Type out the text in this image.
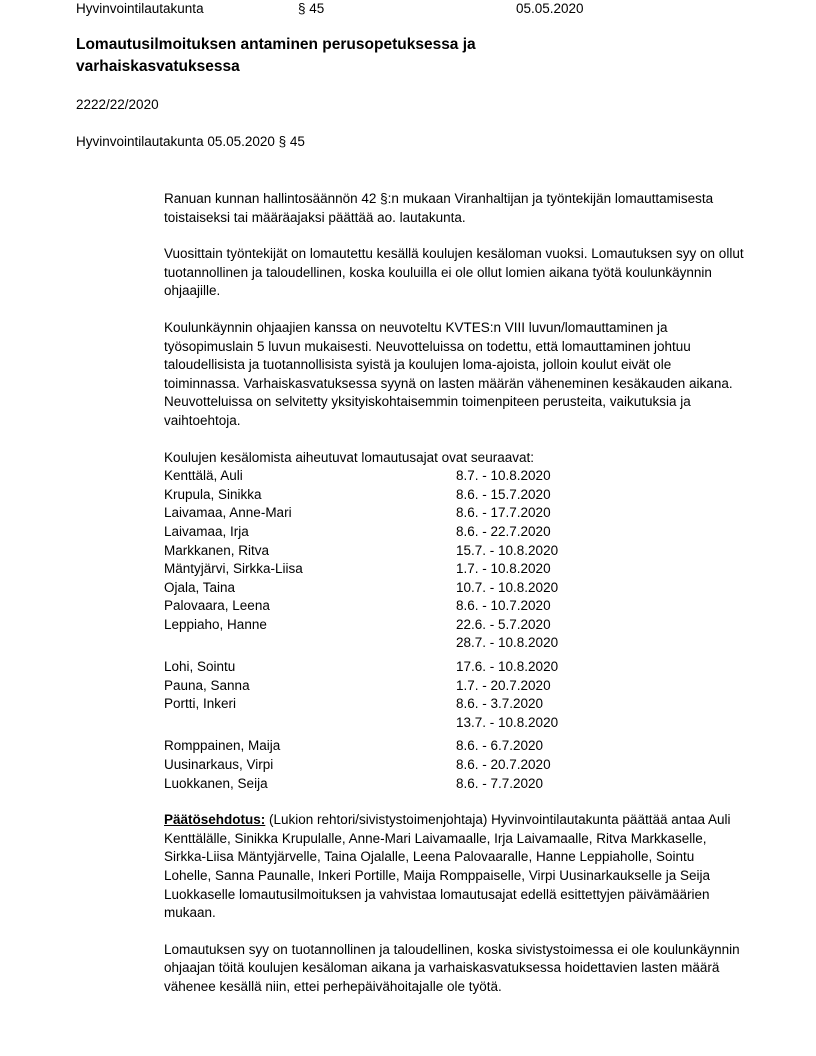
Hyvinvointilautakunta	§ 45	05.05.2020
Lomautusilmoituksen antaminen perusopetuksessa ja varhaiskasvatuksessa
2222/22/2020
Hyvinvointilautakunta 05.05.2020 § 45

Ranuan kunnan hallintosäännön 42 §:n mukaan Viranhaltijan ja työntekijän lomauttamisesta toistaiseksi tai määräajaksi päättää ao. lautakunta.

Vuosittain työntekijät on lomautettu kesällä koulujen kesäloman vuoksi. Lomautuksen syy on ollut tuotannollinen ja taloudellinen, koska kouluilla ei ole ollut lomien aikana työtä koulunkäynnin ohjaajille.

Koulunkäynnin ohjaajien kanssa on neuvoteltu KVTES:n VIII luvun/lomauttaminen ja työsopimuslain 5 luvun mukaisesti. Neuvotteluissa on todettu, että lomauttaminen johtuu taloudellisista ja tuotannollisista syistä ja koulujen loma-ajoista, jolloin koulut eivät ole toiminnassa. Varhaiskasvatuksessa syynä on lasten määrän väheneminen kesäkauden aikana. Neuvotteluissa on selvitetty yksityiskohtaisemmin toimenpiteen perusteita, vaikutuksia ja vaihtoehtoja.

Koulujen kesälomista aiheutuvat lomautusajat ovat seuraavat:

Kenttälä, Auli	8.7. - 10.8.2020
Krupula, Sinikka	8.6. - 15.7.2020
Laivamaa, Anne-Mari	8.6. - 17.7.2020
Laivamaa, Irja	8.6. - 22.7.2020
Markkanen, Ritva	15.7. - 10.8.2020
Mäntyjärvi, Sirkka-Liisa	1.7. - 10.8.2020
Ojala, Taina	10.7. - 10.8.2020
Palovaara, Leena	8.6. - 10.7.2020
Leppiaho, Hanne	22.6. - 5.7.2020
	28.7. - 10.8.2020

Lohi, Sointu	17.6. - 10.8.2020
Pauna, Sanna	1.7. - 20.7.2020
Portti, Inkeri	8.6. - 3.7.2020
	13.7. - 10.8.2020

Romppainen, Maija	8.6. - 6.7.2020
Uusinarkaus, Virpi	8.6. - 20.7.2020
Luokkanen, Seija	8.6. - 7.7.2020
Päätösehdotus: (Lukion rehtori/sivistystoimenjohtaja) Hyvinvointilautakunta päättää antaa Auli Kenttälälle, Sinikka Krupulalle, Anne-Mari Laivamaalle, Irja Laivamaalle, Ritva Markkaselle, Sirkka-Liisa Mäntyjärvelle, Taina Ojalalle, Leena Palovaaralle, Hanne Leppiaholle, Sointu Lohelle, Sanna Paunalle, Inkeri Portille, Maija Romppaiselle, Virpi Uusinarkaukselle ja Seija Luokkaselle lomautusilmoituksen ja vahvistaa lomautusajat edellä esittettyjen päivämäärien mukaan.
Lomautuksen syy on tuotannollinen ja taloudellinen, koska sivistystoimessa ei ole koulunkäynnin ohjaajan töitä koulujen kesäloman aikana ja varhaiskasvatuksessa hoidettavien lasten määrä vähenee kesällä niin, ettei perhepäivähoitajalle ole työtä.
